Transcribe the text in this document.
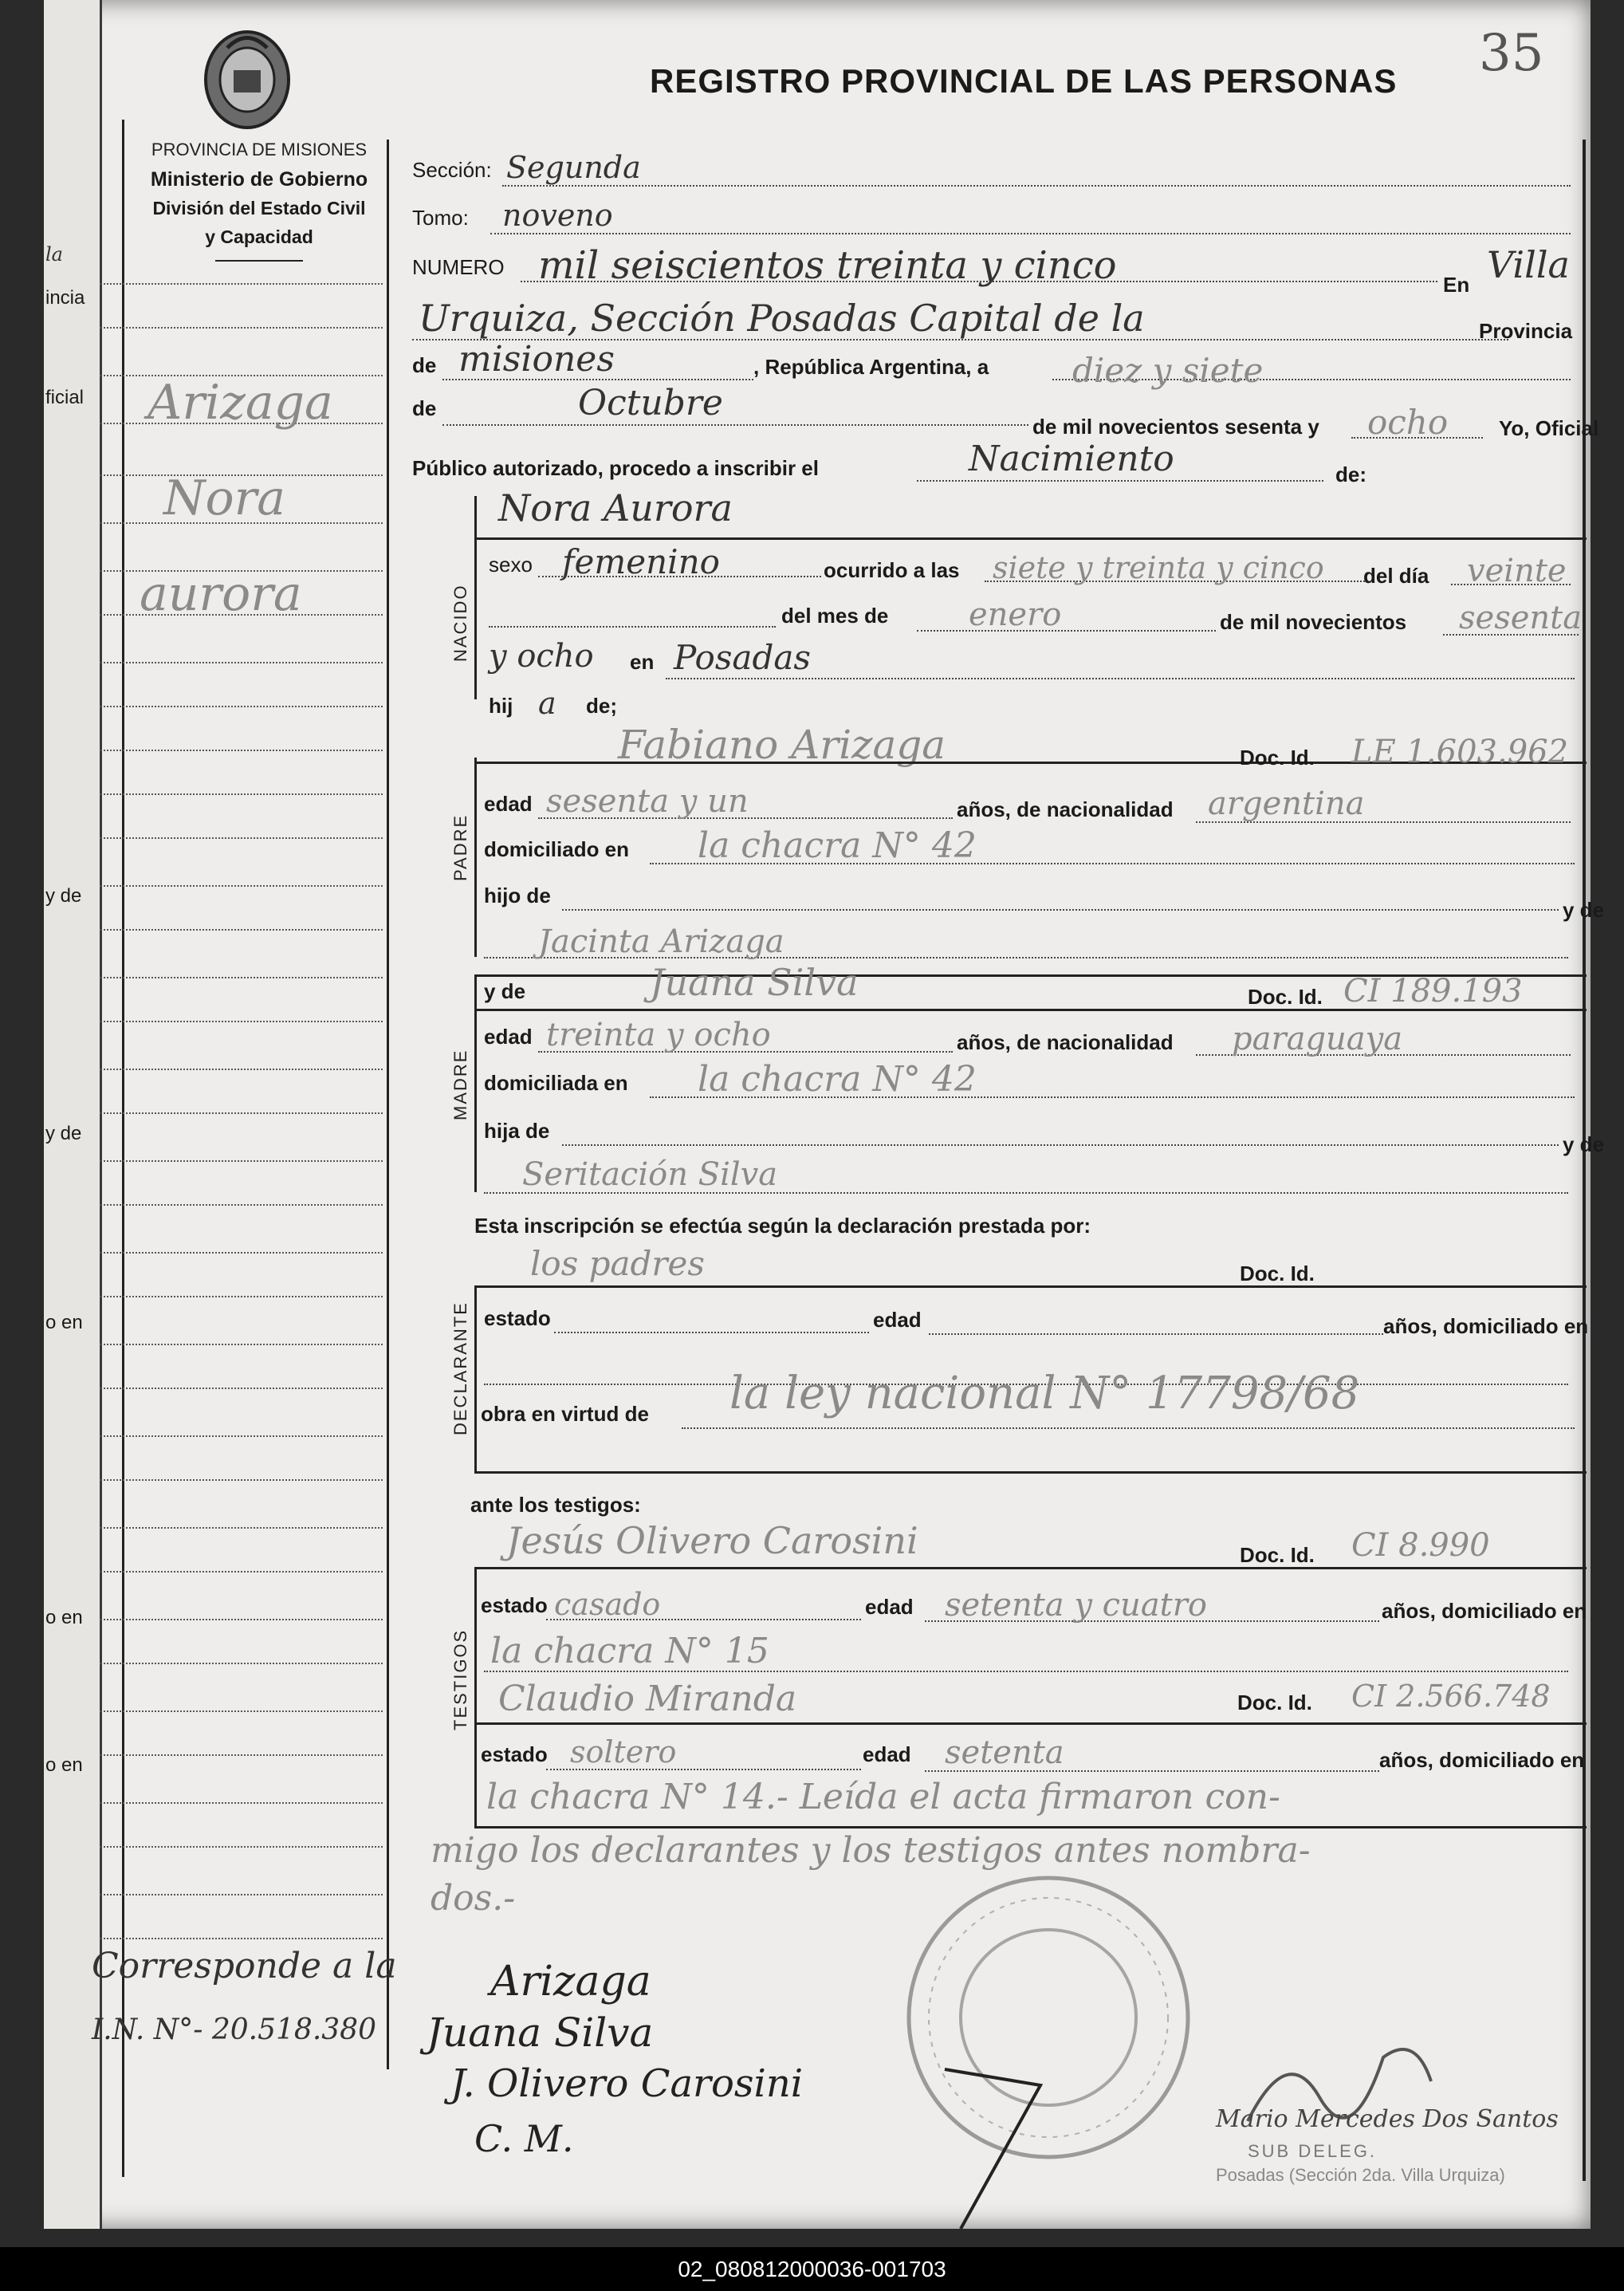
la
incia
ficial
y de
y de
o en
o en
o en
35
REGISTRO PROVINCIAL DE LAS PERSONAS
PROVINCIA DE MISIONES
Ministerio de Gobierno
División del Estado Civil
y Capacidad
Arizaga
Nora
aurora
Corresponde a la
I.N. N°- 20.518.380
Sección: Segunda
Tomo: noveno
NUMERO mil seiscientos treinta y cinco	En Villa
Urquiza, Sección Posadas Capital de la	Provincia
de misiones	, República Argentina, a diez y siete
de	Octubre
de mil novecientos sesenta y ocho Yo, Oficial
Público autorizado, procedo a inscribir el	Nacimiento	de:
NACIDO
Nora Aurora
sexo femenino	ocurrido a las siete y treinta y cinco del día veinte
del mes de	enero	de mil novecientos sesenta
y ocho en Posadas
hij a de;
PADRE
Fabiano Arizaga	Doc. Id. LE 1.603.962
edad sesenta y un	años, de nacionalidad argentina
domiciliado en la chacra N° 42
hijo de
y de
Jacinta Arizaga
MADRE
y de	Juana Silva	Doc. Id. CI 189.193
edad treinta y ocho	años, de nacionalidad paraguaya
domiciliada en la chacra N° 42
hija de
y de
Seritación Silva
Esta inscripción se efectúa según la declaración prestada por:
los padres	Doc. Id.
DECLARANTE estado	edad	años, domiciliado en
obra en virtud de la ley nacional N° 17798/68
ante los testigos:
Jesús Olivero Carosini	Doc. Id. CI 8.990
TESTIGOS
estado casado	edad setenta y cuatro	años, domiciliado en
la chacra N° 15
Claudio Miranda	Doc. Id. CI 2.566.748
estado soltero	edad setenta	años, domiciliado en
la chacra N° 14.- Leída el acta firmaron con-
migo los declarantes y los testigos antes nombra-
dos.-
Arizaga
Juana Silva
J. Olivero Carosini
C. M.	Mario Mercedes Dos Santos
SUB DELEG.
Posadas (Sección 2da. Villa Urquiza)
02_080812000036-001703
